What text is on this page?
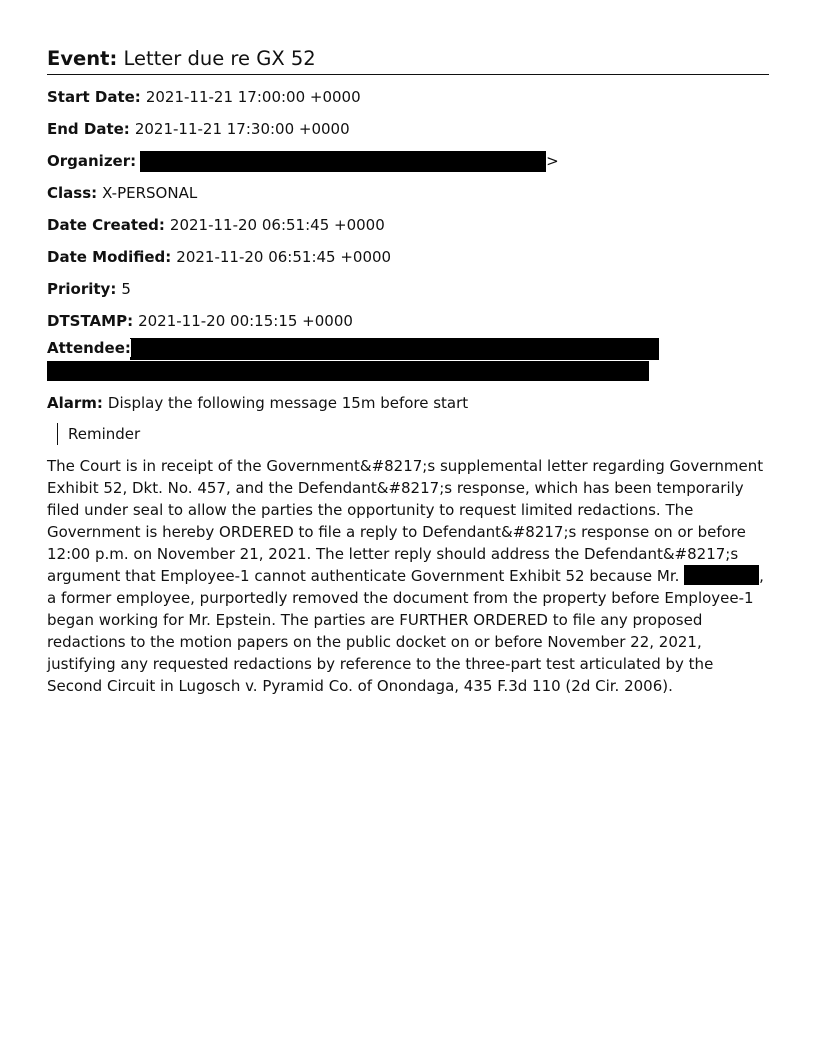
Event: Letter due re GX 52
Start Date: 2021-11-21 17:00:00 +0000
End Date: 2021-11-21 17:30:00 +0000
Organizer:	>
Class: X-PERSONAL
Date Created: 2021-11-20 06:51:45 +0000
Date Modified: 2021-11-20 06:51:45 +0000
Priority: 5
DTSTAMP: 2021-11-20 00:15:15 +0000
Attendee:
Alarm: Display the following message 15m before start
Reminder
The Court is in receipt of the Government&#8217;s supplemental letter regarding Government Exhibit 52, Dkt. No. 457, and the Defendant&#8217;s response, which has been temporarily filed under seal to allow the parties the opportunity to request limited redactions. The Government is hereby ORDERED to file a reply to Defendant&#8217;s response on or before 12:00 p.m. on November 21, 2021. The letter reply should address the Defendant&#8217;s argument that Employee-1 cannot authenticate Government Exhibit 52 because Mr.	, a former employee, purportedly removed the document from the property before Employee-1 began working for Mr. Epstein. The parties are FURTHER ORDERED to file any proposed redactions to the motion papers on the public docket on or before November 22, 2021, justifying any requested redactions by reference to the three-part test articulated by the Second Circuit in Lugosch v. Pyramid Co. of Onondaga, 435 F.3d 110 (2d Cir. 2006).
